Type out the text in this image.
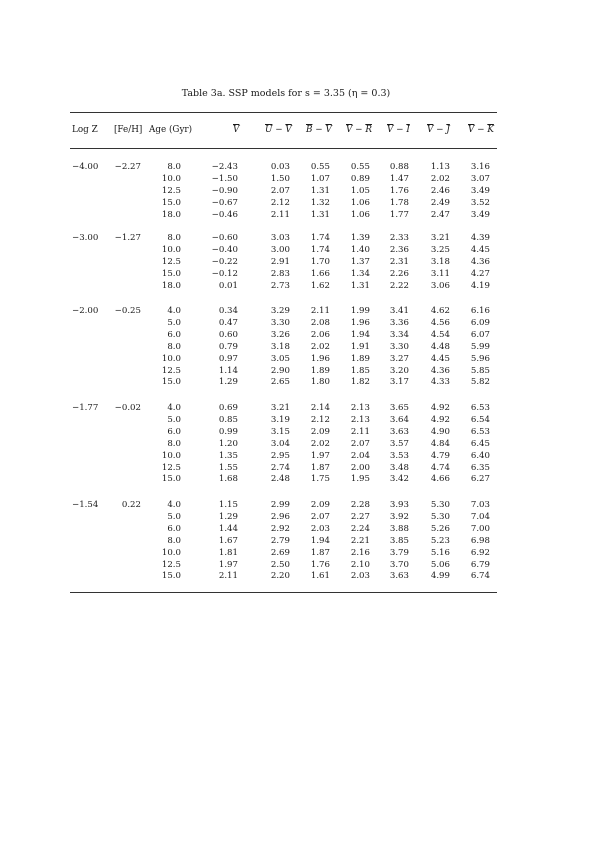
Table 3a. SSP models for s = 3.35 (η = 0.3)
Log Z [Fe/H] Age (Gyr)	$\overline{V}$	$\overline{U} - \overline{V}$ $\overline{B} - \overline{V}$ $\overline{V} - \overline{R}$ $\overline{V} - \overline{I}$ $\overline{V} - \overline{J}$ $\overline{V} - \overline{K}$
−4.00 −2.27	8.0	−2.43	0.03 0.55 0.55 0.88	1.13 3.16
10.0	−1.50	1.50 1.07 0.89 1.47	2.02 3.07
12.5	−0.90	2.07 1.31 1.05 1.76	2.46 3.49
15.0	−0.67	2.12 1.32 1.06 1.78	2.49 3.52
18.0	−0.46	2.11 1.31 1.06 1.77	2.47 3.49
−3.00 −1.27	8.0	−0.60	3.03 1.74 1.39 2.33	3.21 4.39
10.0	−0.40	3.00 1.74 1.40 2.36	3.25 4.45
12.5	−0.22	2.91 1.70 1.37 2.31	3.18 4.36
15.0	−0.12	2.83 1.66 1.34 2.26	3.11 4.27
18.0	0.01	2.73 1.62 1.31 2.22	3.06 4.19
−2.00 −0.25	4.0	0.34	3.29 2.11 1.99 3.41	4.62 6.16
5.0	0.47	3.30 2.08 1.96 3.36	4.56 6.09
6.0	0.60	3.26 2.06 1.94 3.34	4.54 6.07
8.0	0.79	3.18 2.02 1.91 3.30	4.48 5.99
10.0	0.97	3.05 1.96 1.89 3.27	4.45 5.96
12.5	1.14	2.90 1.89 1.85 3.20	4.36 5.85
15.0	1.29	2.65 1.80 1.82 3.17	4.33 5.82
−1.77 −0.02	4.0	0.69	3.21 2.14 2.13 3.65	4.92 6.53
5.0	0.85	3.19 2.12 2.13 3.64	4.92 6.54
6.0	0.99	3.15 2.09 2.11 3.63	4.90 6.53
8.0	1.20	3.04 2.02 2.07 3.57	4.84 6.45
10.0	1.35	2.95 1.97 2.04 3.53	4.79 6.40
12.5	1.55	2.74 1.87 2.00 3.48	4.74 6.35
15.0	1.68	2.48 1.75 1.95 3.42	4.66 6.27
−1.54	0.22	4.0	1.15	2.99 2.09 2.28 3.93	5.30 7.03
5.0	1.29	2.96 2.07 2.27 3.92	5.30 7.04
6.0	1.44	2.92 2.03 2.24 3.88	5.26 7.00
8.0	1.67	2.79 1.94 2.21 3.85	5.23 6.98
10.0	1.81	2.69 1.87 2.16 3.79	5.16 6.92
12.5	1.97	2.50 1.76 2.10 3.70	5.06 6.79
15.0	2.11	2.20 1.61 2.03 3.63	4.99 6.74
